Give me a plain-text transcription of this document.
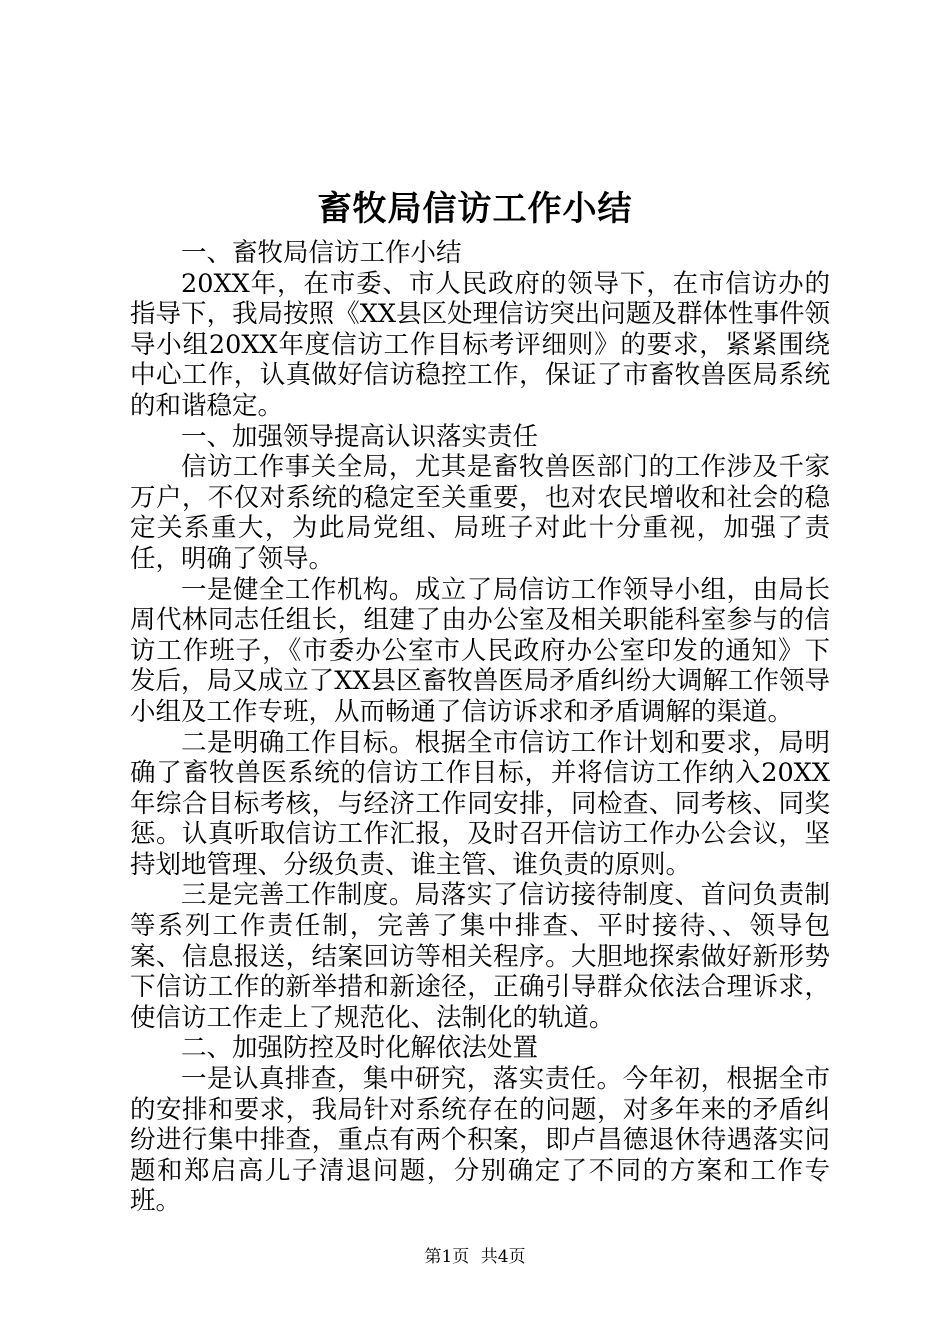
畜牧局信访工作小结

一、畜牧局信访工作小结

20XX年，在市委、市人民政府的领导下，在市信访办的指导下，我局按照《XX县区处理信访突出问题及群体性事件领导小组20XX年度信访工作目标考评细则》的要求，紧紧围绕中心工作，认真做好信访稳控工作，保证了市畜牧兽医局系统的和谐稳定。

一、加强领导提高认识落实责任

信访工作事关全局，尤其是畜牧兽医部门的工作涉及千家万户，不仅对系统的稳定至关重要，也对农民增收和社会的稳定关系重大，为此局党组、局班子对此十分重视，加强了责任，明确了领导。

一是健全工作机构。成立了局信访工作领导小组，由局长周代林同志任组长，组建了由办公室及相关职能科室参与的信访工作班子，《市委办公室市人民政府办公室印发的通知》下发后，局又成立了XX县区畜牧兽医局矛盾纠纷大调解工作领导小组及工作专班，从而畅通了信访诉求和矛盾调解的渠道。

二是明确工作目标。根据全市信访工作计划和要求，局明确了畜牧兽医系统的信访工作目标，并将信访工作纳入20XX年综合目标考核，与经济工作同安排，同检查、同考核、同奖惩。认真听取信访工作汇报，及时召开信访工作办公会议，坚持划地管理、分级负责、谁主管、谁负责的原则。

三是完善工作制度。局落实了信访接待制度、首问负责制等系列工作责任制，完善了集中排查、平时接待、、领导包案、信息报送，结案回访等相关程序。大胆地探索做好新形势下信访工作的新举措和新途径，正确引导群众依法合理诉求，使信访工作走上了规范化、法制化的轨道。

二、加强防控及时化解依法处置

一是认真排查，集中研究，落实责任。今年初，根据全市的安排和要求，我局针对系统存在的问题，对多年来的矛盾纠纷进行集中排查，重点有两个积案，即卢昌德退休待遇落实问题和郑启高儿子清退问题，分别确定了不同的方案和工作专班。

第1页 共4页
